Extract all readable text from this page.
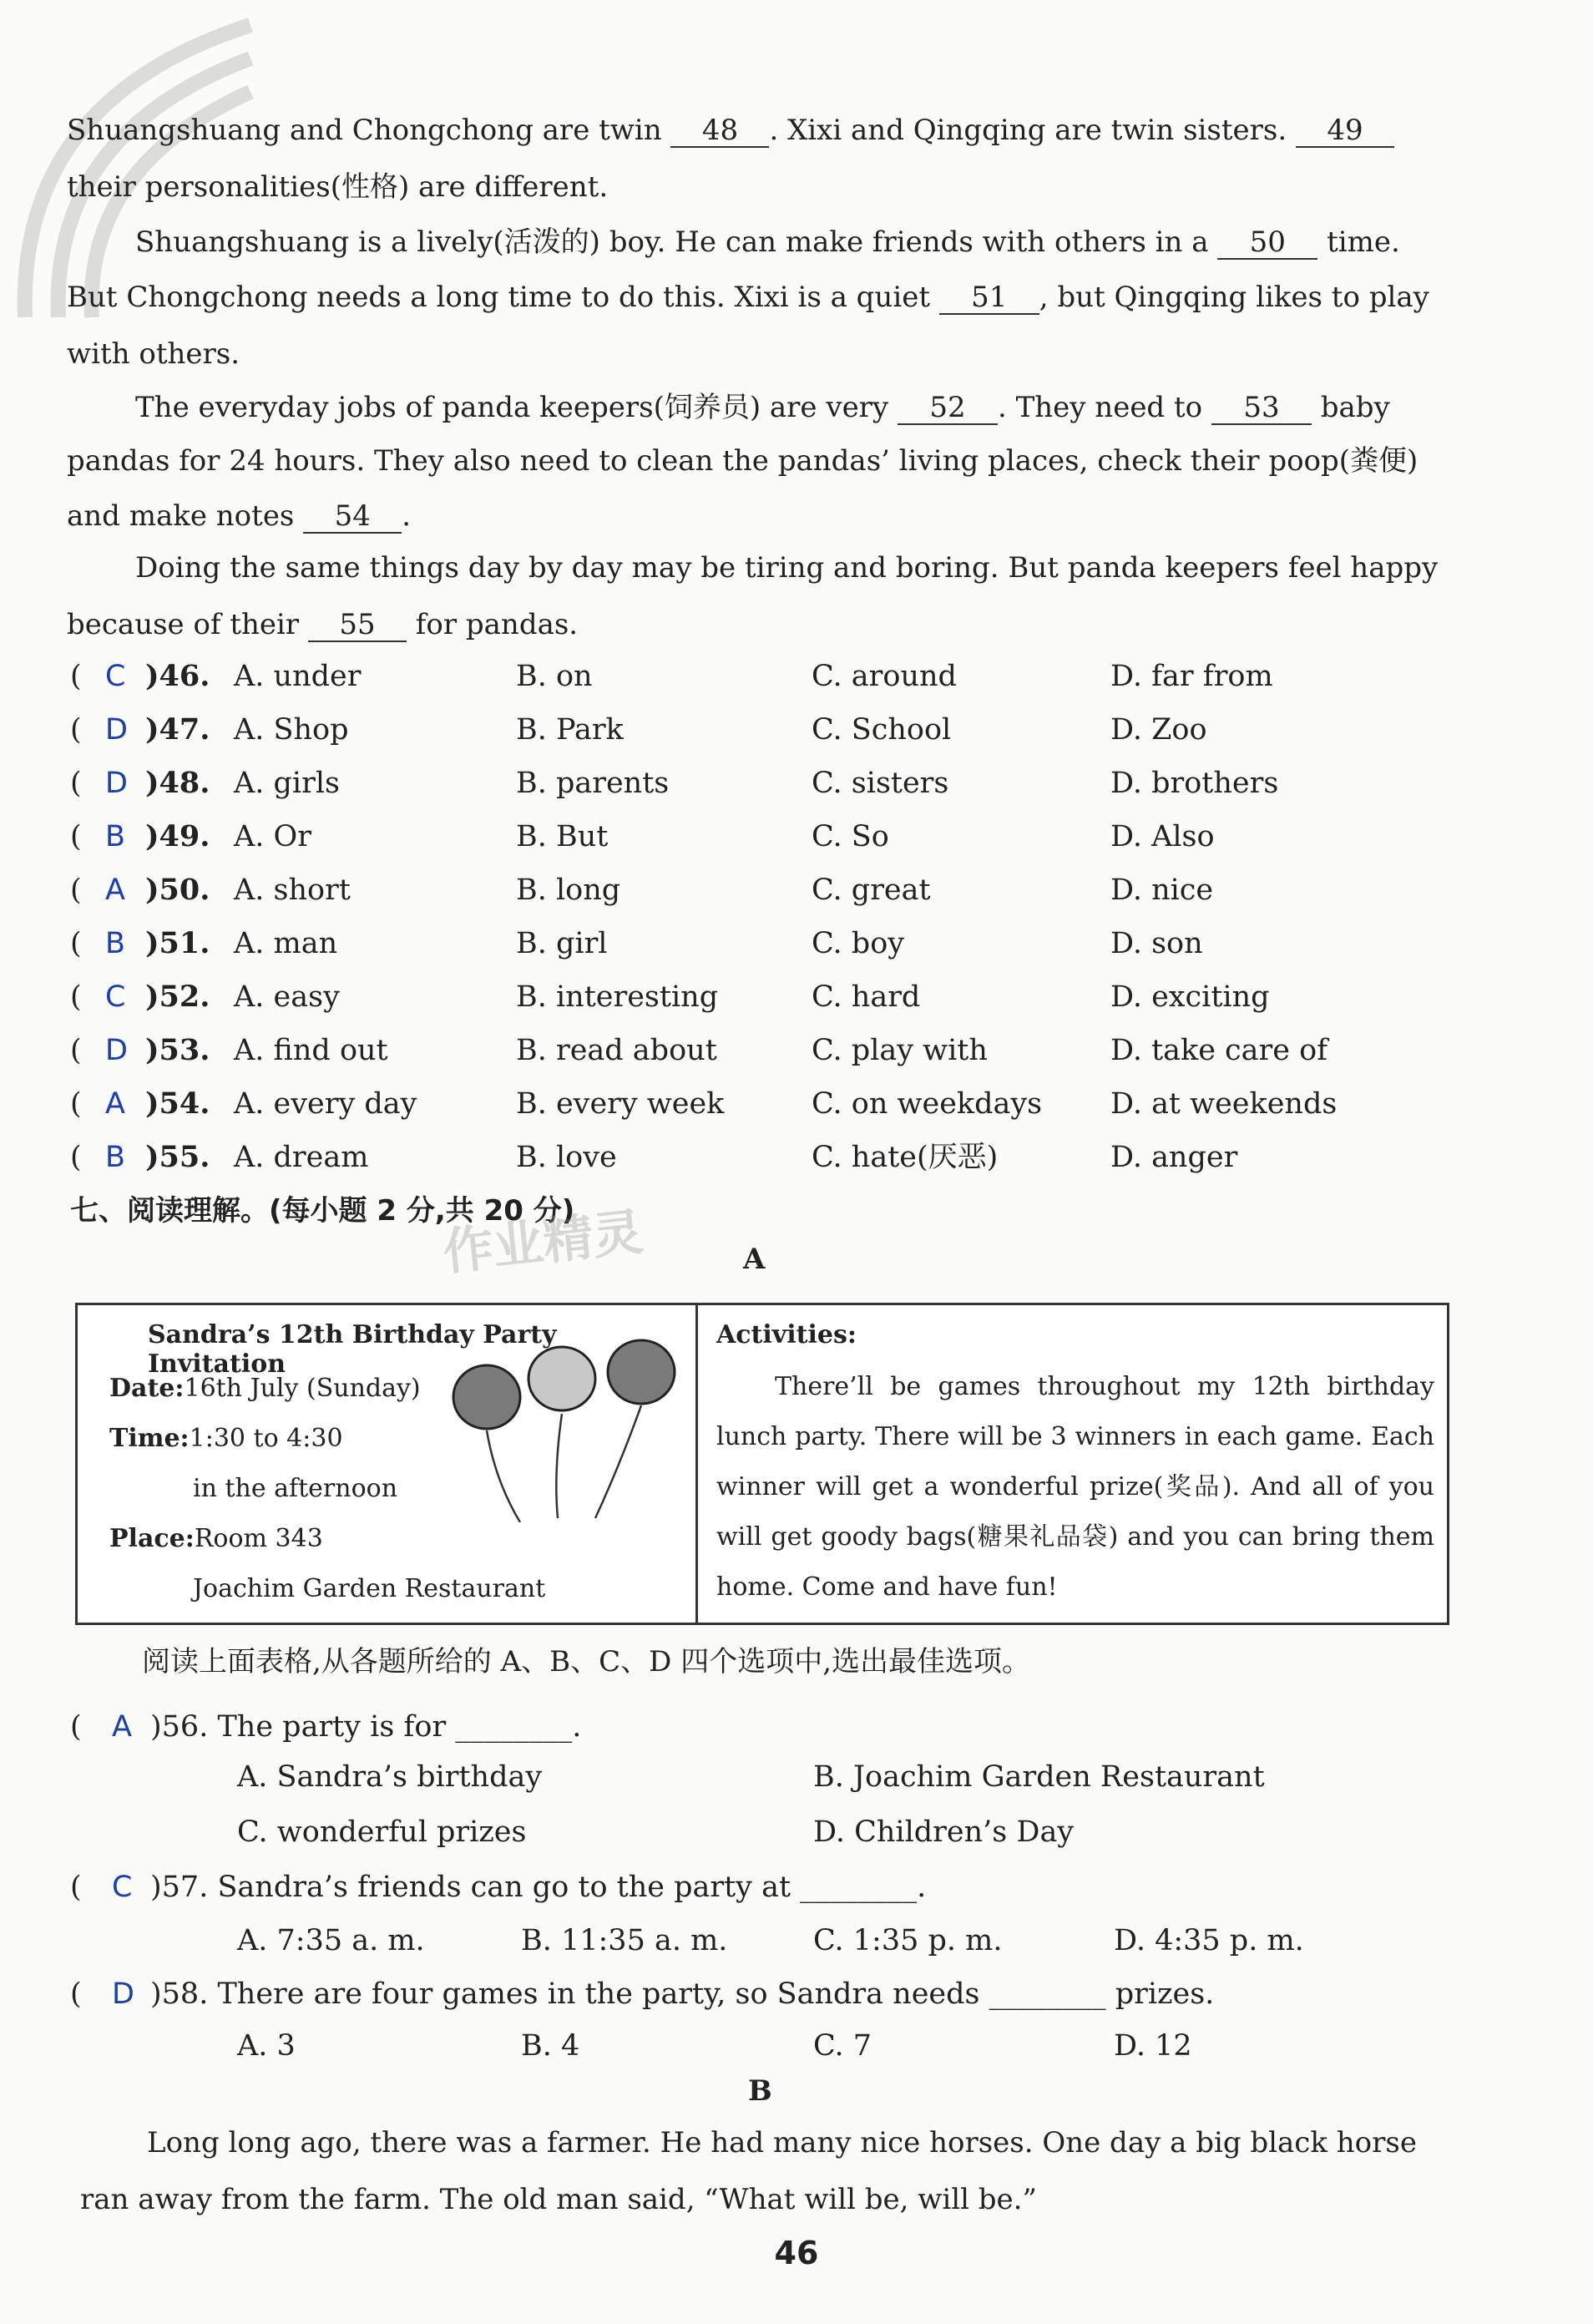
Shuangshuang and Chongchong are twin 48 . Xixi and Qingqing are twin sisters. 49
their personalities(性格) are different.
Shuangshuang is a lively(活泼的) boy. He can make friends with others in a 50 time.
But Chongchong needs a long time to do this. Xixi is a quiet 51 , but Qingqing likes to play
with others.
The everyday jobs of panda keepers(饲养员) are very 52 . They need to 53 baby
pandas for 24 hours. They also need to clean the pandas’ living places, check their poop(粪便)
and make notes 54 .
Doing the same things day by day may be tiring and boring. But panda keepers feel happy
because of their 55 for pandas.
( C )46. A. under	B. on	C. around	D. far from
( D )47. A. Shop	B. Park	C. School	D. Zoo
( D )48. A. girls	B. parents	C. sisters	D. brothers
( B )49. A. Or	B. But	C. So	D. Also
( A )50. A. short	B. long	C. great	D. nice
( B )51. A. man	B. girl	C. boy	D. son
( C )52. A. easy	B. interesting	C. hard	D. exciting
( D )53. A. find out	B. read about	C. play with	D. take care of
( A )54. A. every day	B. every week	C. on weekdays D. at weekends
( B )55. A. dream	B. love	C. hate(厌恶)	D. anger
七、阅读理解。(每小题 2 分,共 20 分)
A
作业精灵
Sandra’s 12th Birthday Party Invitation
Date:16th July (Sunday)
Time:1:30 to 4:30
in the afternoon
Place:Room 343
Joachim Garden Restaurant
Activities:
There’ll be games throughout my 12th birthday lunch party. There will be 3 winners in each game. Each winner will get a wonderful prize(奖品). And all of you will get goody bags(糖果礼品袋) and you can bring them home. Come and have fun!
阅读上面表格,从各题所给的 A、B、C、D 四个选项中,选出最佳选项。
( A )56. The party is for ________.
A. Sandra’s birthday	B. Joachim Garden Restaurant
C. wonderful prizes	D. Children’s Day
( C )57. Sandra’s friends can go to the party at ________.
A. 7:35 a. m.	B. 11:35 a. m.	C. 1:35 p. m.	D. 4:35 p. m.
( D )58. There are four games in the party, so Sandra needs ________ prizes.
A. 3	B. 4	C. 7	D. 12
B
Long long ago, there was a farmer. He had many nice horses. One day a big black horse
ran away from the farm. The old man said, “What will be, will be.”
46
